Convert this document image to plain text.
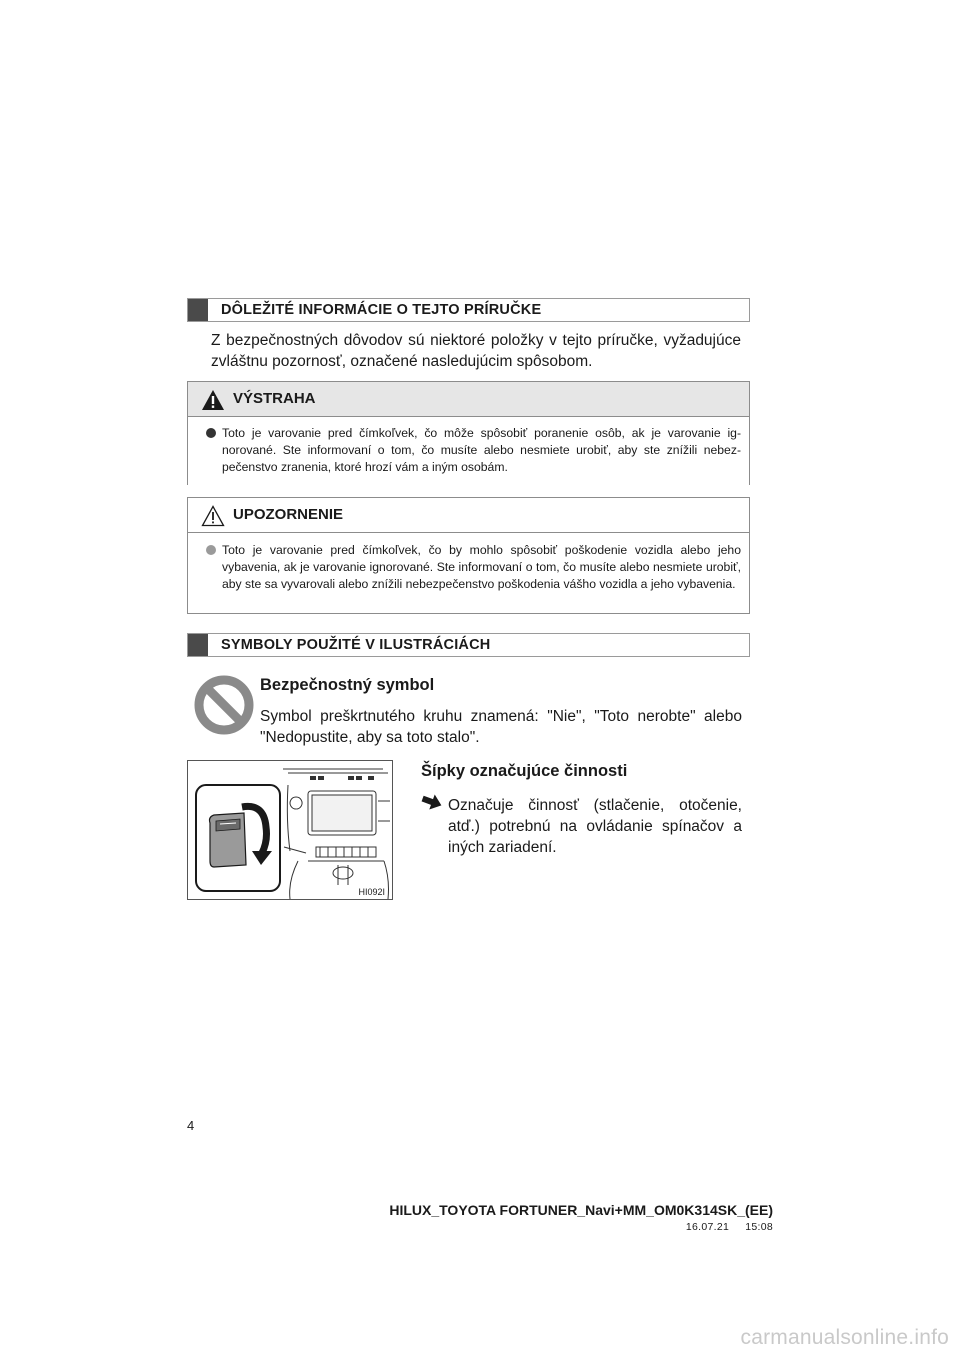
DÔLEŽITÉ INFORMÁCIE O TEJTO PRÍRUČKE
Z bezpečnostných dôvodov sú niektoré položky v tejto príručke, vyžadujúce zvláštnu pozornosť, označené nasledujúcim spôsobom.
VÝSTRAHA
Toto je varovanie pred čímkoľvek, čo môže spôsobiť poranenie osôb, ak je varovanie ignorované. Ste informovaní o tom, čo musíte alebo nesmiete urobiť, aby ste znížili nebezpečenstvo zranenia, ktoré hrozí vám a iným osobám.
UPOZORNENIE
Toto je varovanie pred čímkoľvek, čo by mohlo spôsobiť poškodenie vozidla alebo jeho vybavenia, ak je varovanie ignorované. Ste informovaní o tom, čo musíte alebo nesmiete urobiť, aby ste sa vyvarovali alebo znížili nebezpečenstvo poškodenia vášho vozidla a jeho vybavenia.
SYMBOLY POUŽITÉ V ILUSTRÁCIÁCH
Bezpečnostný symbol
Symbol preškrtnutého kruhu znamená: "Nie", "Toto nerobte" alebo "Nedopustite, aby sa toto stalo".
HI092I
Šípky označujúce činnosti
Označuje činnosť (stlačenie, otočenie, atď.) potrebnú na ovládanie spínačov a iných zariadení.
4
HILUX_TOYOTA FORTUNER_Navi+MM_OM0K314SK_(EE)
16.07.21     15:08
carmanualsonline.info
